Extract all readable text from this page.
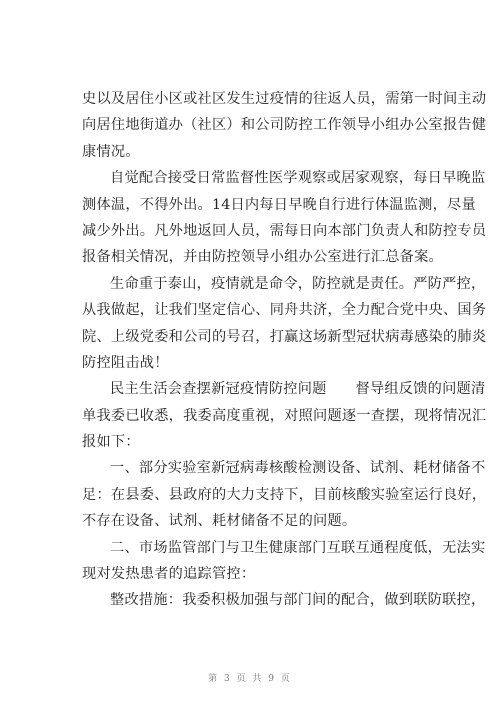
史以及居住小区或社区发生过疫情的往返人员，需第一时间主动
向居住地街道办（社区）和公司防控工作领导小组办公室报告健
康情况。
自觉配合接受日常监督性医学观察或居家观察，每日早晚监
测体温，不得外出。14日内每日早晚自行进行体温监测，尽量
减少外出。凡外地返回人员，需每日向本部门负责人和防控专员
报备相关情况，并由防控领导小组办公室进行汇总备案。
生命重于泰山，疫情就是命令，防控就是责任。严防严控，
从我做起，让我们坚定信心、同舟共济，全力配合党中央、国务
院、上级党委和公司的号召，打赢这场新型冠状病毒感染的肺炎
防控阻击战！
民主生活会查摆新冠疫情防控问题　　督导组反馈的问题清
单我委已收悉，我委高度重视，对照问题逐一查摆，现将情况汇
报如下：
一、部分实验室新冠病毒核酸检测设备、试剂、耗材储备不
足：在县委、县政府的大力支持下，目前核酸实验室运行良好，
不存在设备、试剂、耗材储备不足的问题。
二、市场监管部门与卫生健康部门互联互通程度低，无法实
现对发热患者的追踪管控：
整改措施：我委积极加强与部门间的配合，做到联防联控，
第 3 页 共 9 页
